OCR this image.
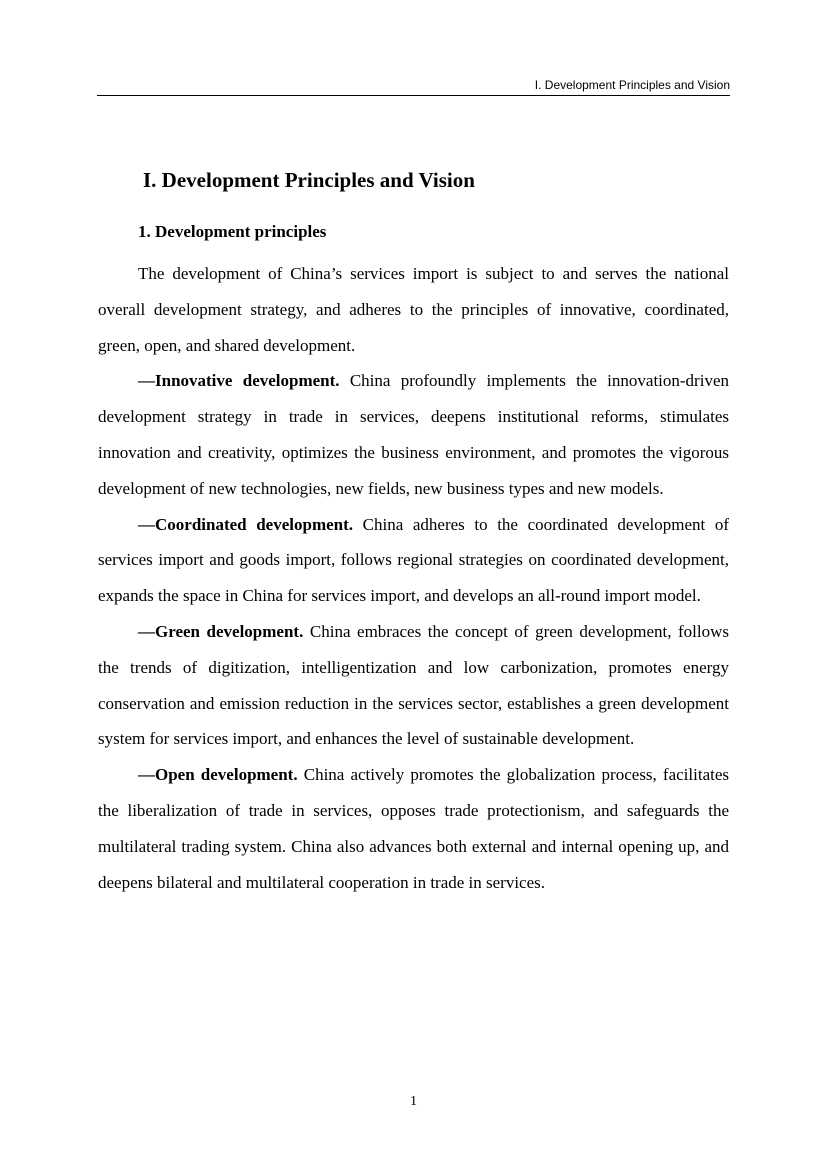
I. Development Principles and Vision
I. Development Principles and Vision
1. Development principles

The development of China’s services import is subject to and serves the national overall development strategy, and adheres to the principles of innovative, coordinated, green, open, and shared development.

—Innovative development. China profoundly implements the innovation-driven development strategy in trade in services, deepens institutional reforms, stimulates innovation and creativity, optimizes the business environment, and promotes the vigorous development of new technologies, new fields, new business types and new models.

—Coordinated development. China adheres to the coordinated development of services import and goods import, follows regional strategies on coordinated development, expands the space in China for services import, and develops an all-round import model.

—Green development. China embraces the concept of green development, follows the trends of digitization, intelligentization and low carbonization, promotes energy conservation and emission reduction in the services sector, establishes a green development system for services import, and enhances the level of sustainable development.

—Open development. China actively promotes the globalization process, facilitates the liberalization of trade in services, opposes trade protectionism, and safeguards the multilateral trading system. China also advances both external and internal opening up, and deepens bilateral and multilateral cooperation in trade in services.

1
